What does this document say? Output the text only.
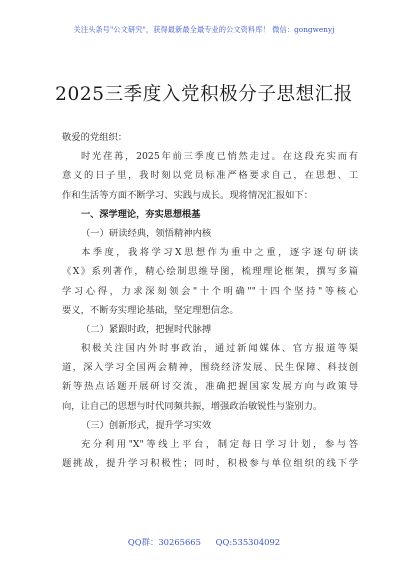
关注头条号"公文研究"，获得最新最全最专业的公文资料库！ 微信：gongwenyj
2025三季度入党积极分子思想汇报
敬爱的党组织：
时光荏苒，2025年前三季度已悄然走过。在这段充实而有
意义的日子里，我时刻以党员标准严格要求自己，在思想、工
作和生活等方面不断学习、实践与成长。现将情况汇报如下：
一、深学理论，夯实思想根基
（一）研读经典，领悟精神内核
本季度，我将学习X思想作为重中之重，逐字逐句研读
《X》系列著作，精心绘制思维导图，梳理理论框架，撰写多篇
学习心得，力求深刻领会"十个明确""十四个坚持"等核心
要义，不断夯实理论基础，坚定理想信念。
（二）紧跟时政，把握时代脉搏
积极关注国内外时事政治，通过新闻媒体、官方报道等渠
道，深入学习全国两会精神，围绕经济发展、民生保障、科技创
新等热点话题开展研讨交流，准确把握国家发展方向与政策导
向，让自己的思想与时代同频共振，增强政治敏锐性与鉴别力。
（三）创新形式，提升学习实效
充分利用"X"等线上平台，制定每日学习计划，参与答
题挑战，提升学习积极性；同时，积极参与单位组织的线下学
QQ群：30265665 QQ:535304092
